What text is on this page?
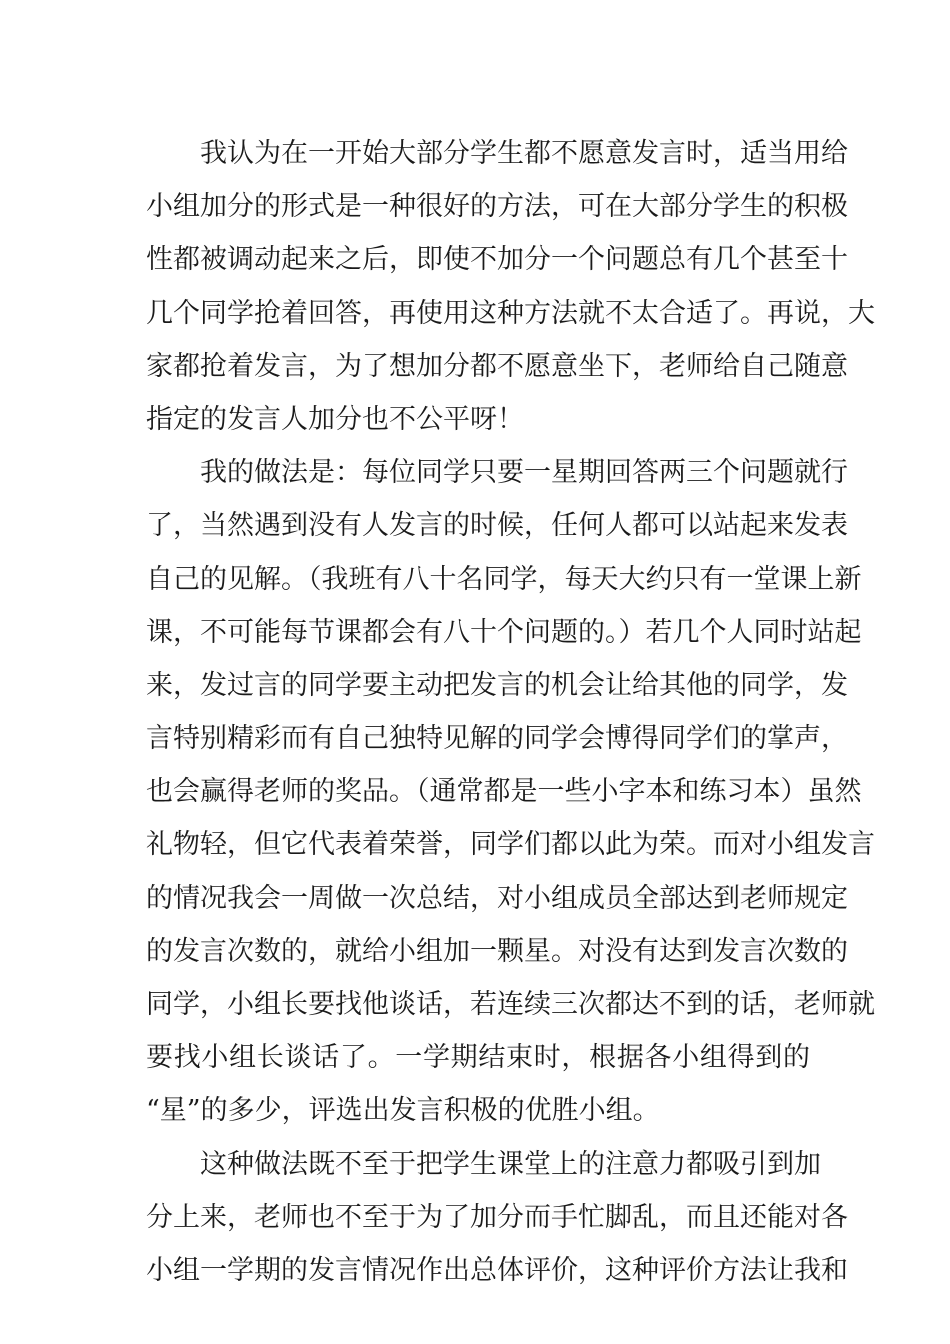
我认为在一开始大部分学生都不愿意发言时，适当用给
小组加分的形式是一种很好的方法，可在大部分学生的积极
性都被调动起来之后，即使不加分一个问题总有几个甚至十
几个同学抢着回答，再使用这种方法就不太合适了。再说，大
家都抢着发言，为了想加分都不愿意坐下，老师给自己随意
指定的发言人加分也不公平呀！
我的做法是：每位同学只要一星期回答两三个问题就行
了，当然遇到没有人发言的时候，任何人都可以站起来发表
自己的见解。（我班有八十名同学，每天大约只有一堂课上新
课，不可能每节课都会有八十个问题的。）若几个人同时站起
来，发过言的同学要主动把发言的机会让给其他的同学，发
言特别精彩而有自己独特见解的同学会博得同学们的掌声，
也会赢得老师的奖品。（通常都是一些小字本和练习本）虽然
礼物轻，但它代表着荣誉，同学们都以此为荣。而对小组发言
的情况我会一周做一次总结，对小组成员全部达到老师规定
的发言次数的，就给小组加一颗星。对没有达到发言次数的
同学，小组长要找他谈话，若连续三次都达不到的话，老师就
要找小组长谈话了。一学期结束时，根据各小组得到的
“星”的多少，评选出发言积极的优胜小组。
这种做法既不至于把学生课堂上的注意力都吸引到加
分上来，老师也不至于为了加分而手忙脚乱，而且还能对各
小组一学期的发言情况作出总体评价，这种评价方法让我和
